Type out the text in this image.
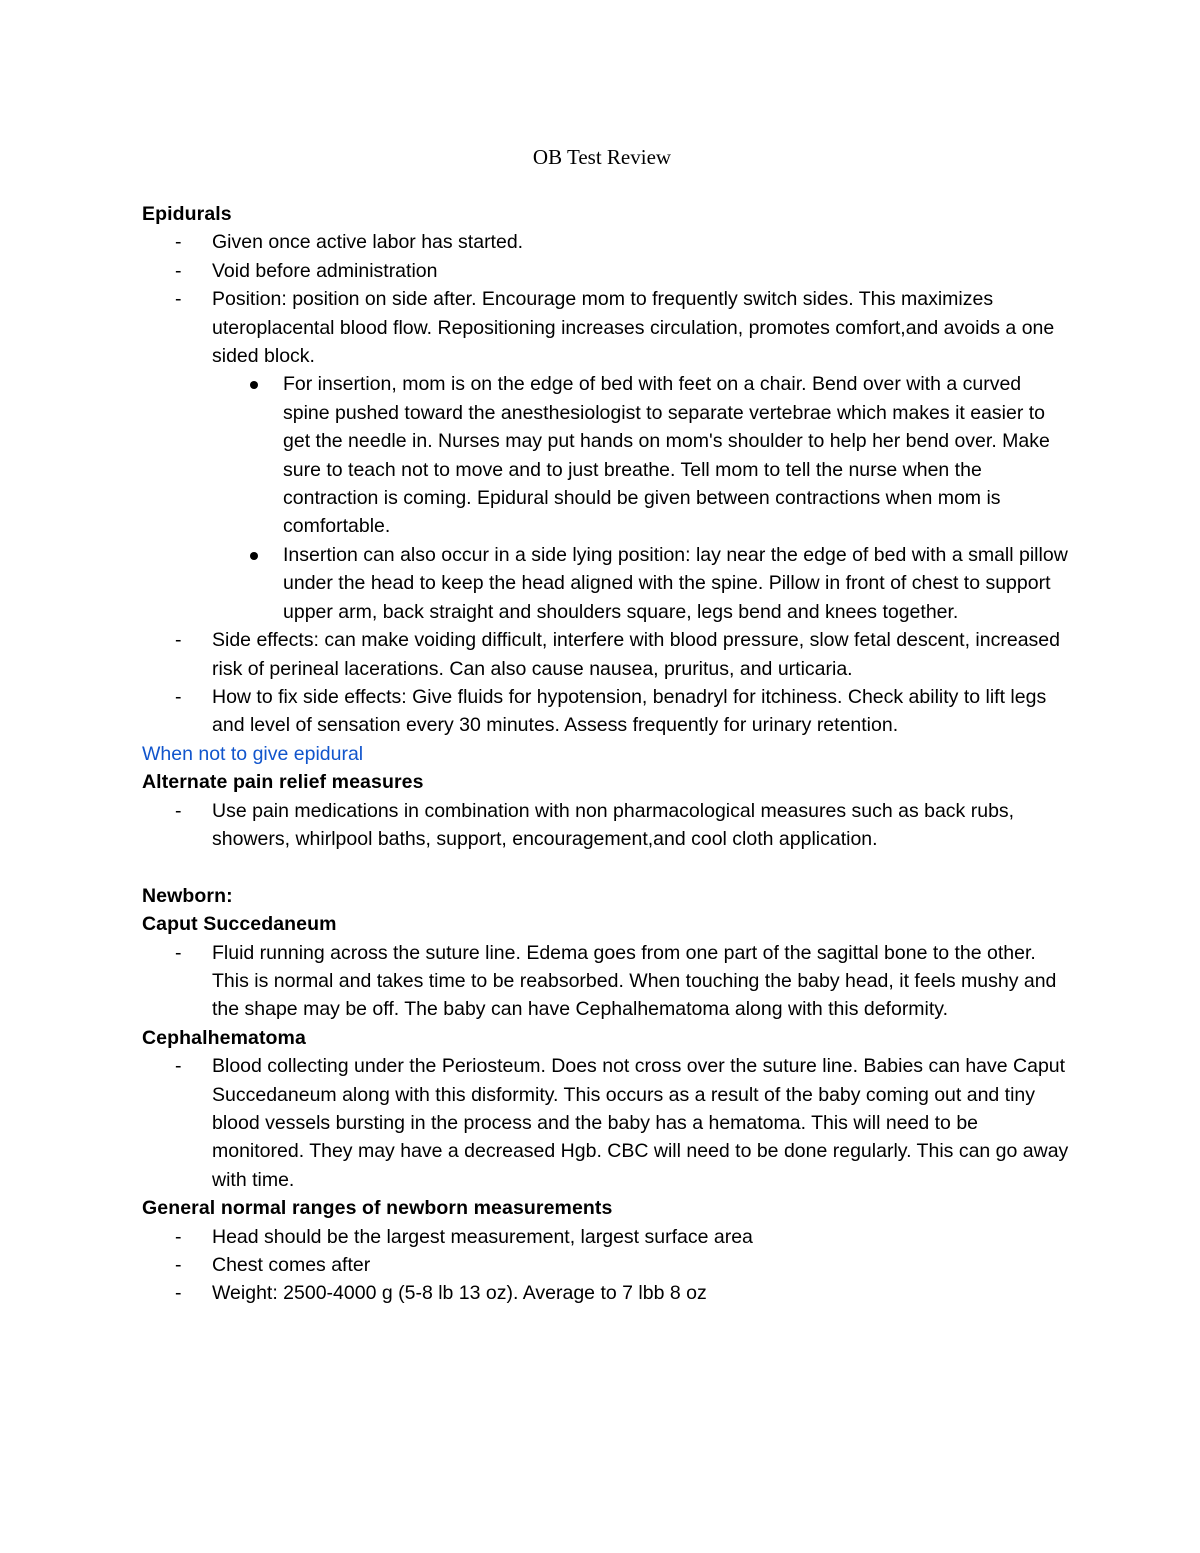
OB Test Review
Epidurals
- Given once active labor has started.
- Void before administration
- Position: position on side after. Encourage mom to frequently switch sides. This maximizes uteroplacental blood flow. Repositioning increases circulation, promotes comfort,and avoids a one sided block.
For insertion, mom is on the edge of bed with feet on a chair. Bend over with a curved spine pushed toward the anesthesiologist to separate vertebrae which makes it easier to get the needle in. Nurses may put hands on mom's shoulder to help her bend over. Make sure to teach not to move and to just breathe. Tell mom to tell the nurse when the contraction is coming. Epidural should be given between contractions when mom is comfortable.
Insertion can also occur in a side lying position: lay near the edge of bed with a small pillow under the head to keep the head aligned with the spine. Pillow in front of chest to support upper arm, back straight and shoulders square, legs bend and knees together.
- Side effects: can make voiding difficult, interfere with blood pressure, slow fetal descent, increased risk of perineal lacerations. Can also cause nausea, pruritus, and urticaria.
- How to fix side effects: Give fluids for hypotension, benadryl for itchiness. Check ability to lift legs and level of sensation every 30 minutes. Assess frequently for urinary retention.
When not to give epidural
Alternate pain relief measures
- Use pain medications in combination with non pharmacological measures such as back rubs, showers, whirlpool baths, support, encouragement,and cool cloth application.
Newborn:
Caput Succedaneum
- Fluid running across the suture line. Edema goes from one part of the sagittal bone to the other. This is normal and takes time to be reabsorbed. When touching the baby head, it feels mushy and the shape may be off. The baby can have Cephalhematoma along with this deformity.
Cephalhematoma
- Blood collecting under the Periosteum. Does not cross over the suture line. Babies can have Caput Succedaneum along with this disformity. This occurs as a result of the baby coming out and tiny blood vessels bursting in the process and the baby has a hematoma. This will need to be monitored. They may have a decreased Hgb. CBC will need to be done regularly. This can go away with time.
General normal ranges of newborn measurements
- Head should be the largest measurement, largest surface area
- Chest comes after
- Weight: 2500-4000 g (5-8 lb 13 oz). Average to 7 lbb 8 oz
